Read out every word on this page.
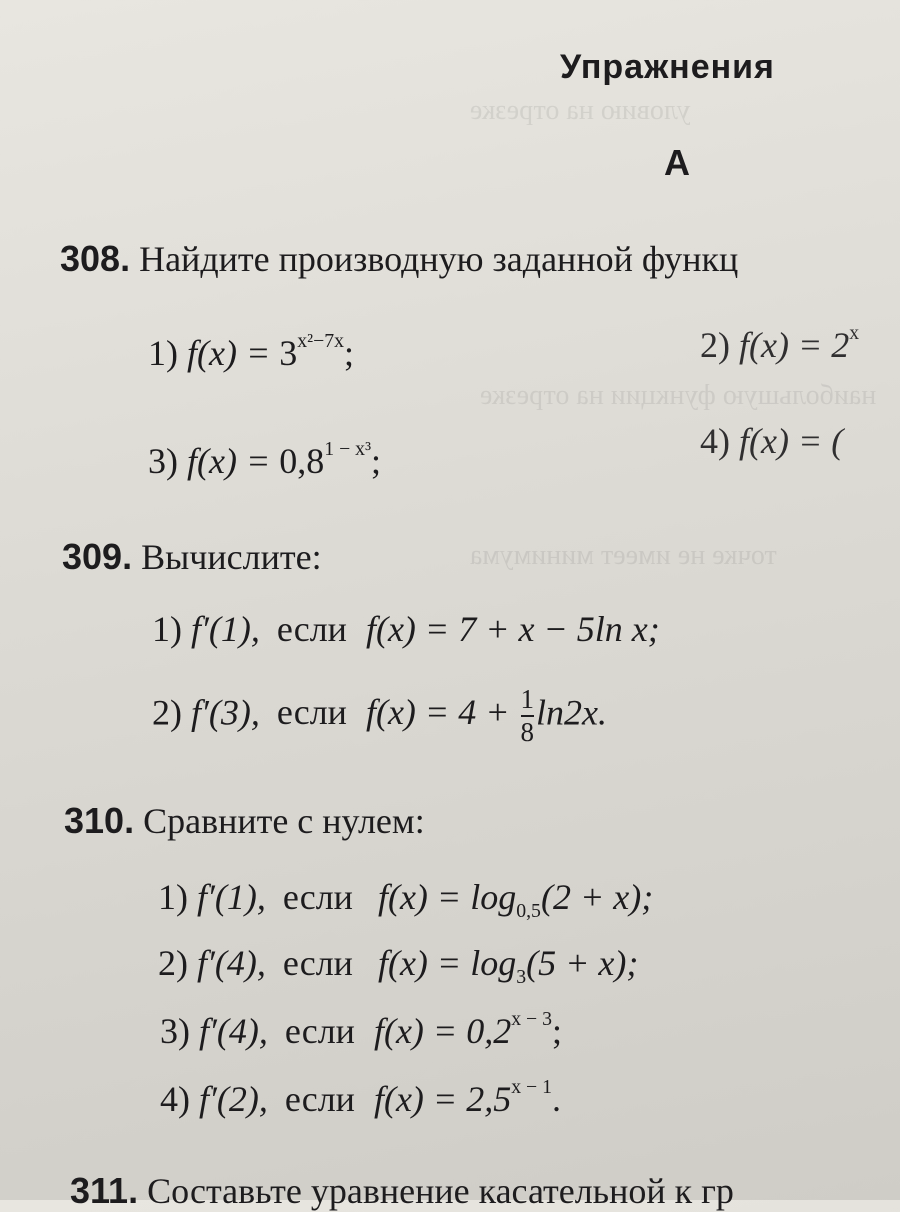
уловию на отрезке
наибольшую функции на отрезке
точке не имеет минимума
Упражнения
А
308. Найдите производную заданной функц
1) $f(x) = 3^{x^2-7x}$;	2) $f(x) = 2^x$
3) $f(x) = 0,8^{1 - x^3}$;	4) f(x) = (
309. Вычислите:
1) f′(1), если f(x) = 7 + x − 5ln x;
2) f′(3), если $f(x) = 4 + \frac{1}{8} \ln 2x$.
310. Сравните с нулем:
1) f′(1), если $f(x) = \log_{0,5}(2 + x)$;
2) f′(4), если $f(x) = \log_3(5 + x)$;
3) f′(4), если $f(x) = 0,2^{x - 3}$;
4) f′(2), если $f(x) = 2,5^{x - 1}$.
311. Составьте уравнение касательной к гр
